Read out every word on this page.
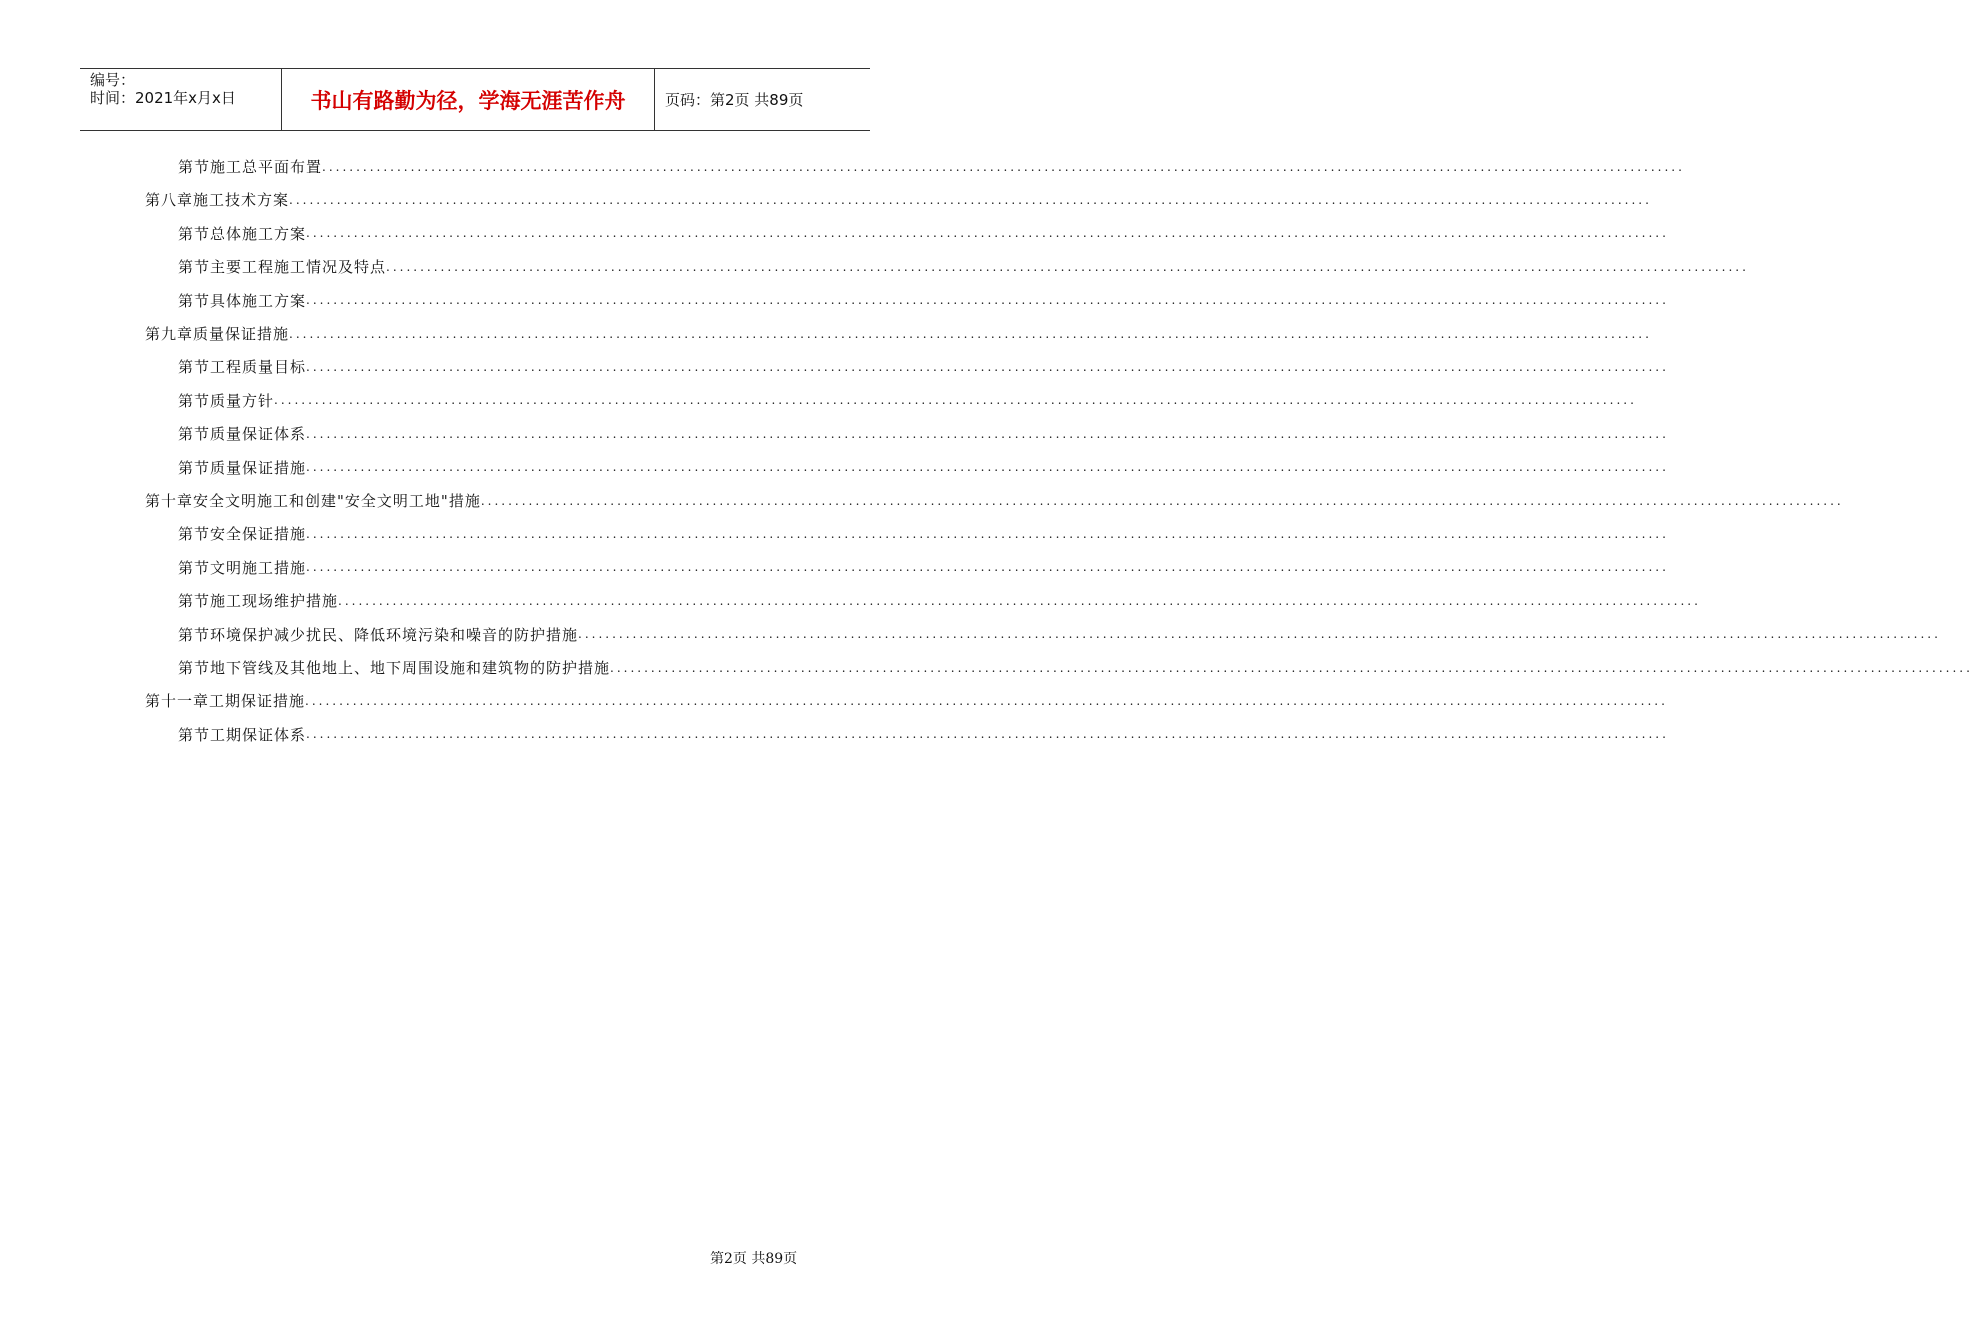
编号：
时间：2021年x月x日	书山有路勤为径，学海无涯苦作舟	页码：第2页 共89页
第节 施工总平面布置 ........................................................................................................................................................................................................
第八章 施工技术方案 ........................................................................................................................................................................................................
第节 总体施工方案 ........................................................................................................................................................................................................
第节 主要工程施工情况及特点 ........................................................................................................................................................................................................
第节 具体施工方案 ........................................................................................................................................................................................................
第九章 质量保证措施 ........................................................................................................................................................................................................
第节 工程质量目标 ........................................................................................................................................................................................................
第节 质量方针 ........................................................................................................................................................................................................
第节 质量保证体系 ........................................................................................................................................................................................................
第节 质量保证措施 ........................................................................................................................................................................................................
第十章 安全文明施工和创建"安全文明工地"措施 ........................................................................................................................................................................................................
第节 安全保证措施 ........................................................................................................................................................................................................
第节 文明施工措施 ........................................................................................................................................................................................................
第节 施工现场维护措施 ........................................................................................................................................................................................................
第节 环境保护减少扰民、降低环境污染和噪音的防护措施 ........................................................................................................................................................................................................
第节 地下管线及其他地上、地下周围设施和建筑物的防护措施 ........................................................................................................................................................................................................
第十一章 工期保证措施 ........................................................................................................................................................................................................
第节 工期保证体系 ........................................................................................................................................................................................................
第2页 共89页
